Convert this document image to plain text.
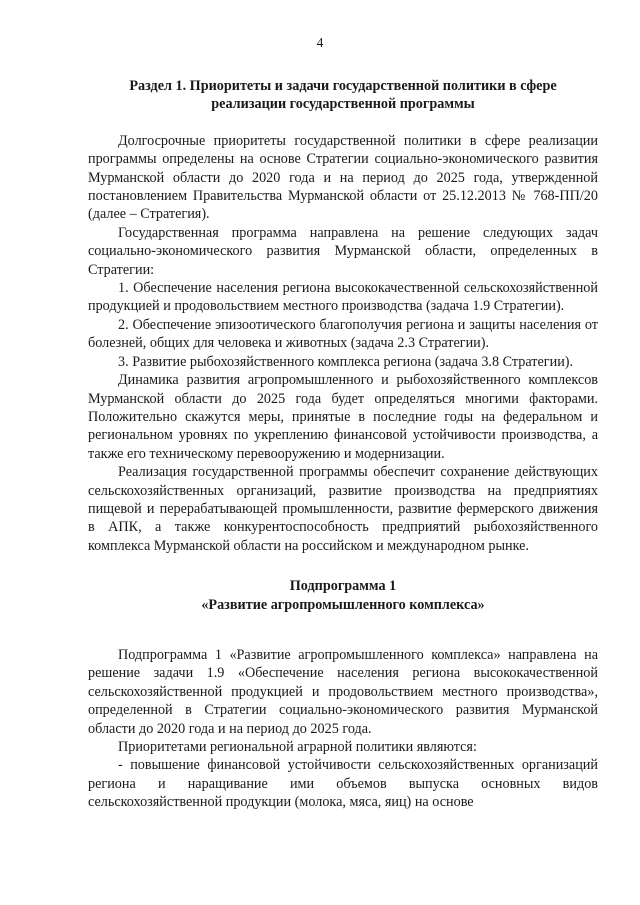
4
Раздел 1. Приоритеты и задачи государственной политики в сфере
реализации государственной программы

Долгосрочные приоритеты государственной политики в сфере реализации программы определены на основе Стратегии социально-экономического развития Мурманской области до 2020 года и на период до 2025 года, утвержденной постановлением Правительства Мурманской области от 25.12.2013 № 768-ПП/20 (далее – Стратегия).

Государственная программа направлена на решение следующих задач социально-экономического развития Мурманской области, определенных в Стратегии:

1. Обеспечение населения региона высококачественной сельскохозяйственной продукцией и продовольствием местного производства (задача 1.9 Стратегии).

2. Обеспечение эпизоотического благополучия региона и защиты населения от болезней, общих для человека и животных (задача 2.3 Стратегии).

3. Развитие рыбохозяйственного комплекса региона (задача 3.8 Стратегии).

Динамика развития агропромышленного и рыбохозяйственного комплексов Мурманской области до 2025 года будет определяться многими факторами. Положительно скажутся меры, принятые в последние годы на федеральном и региональном уровнях по укреплению финансовой устойчивости производства, а также его техническому перевооружению и модернизации.

Реализация государственной программы обеспечит сохранение действующих сельскохозяйственных организаций, развитие производства на предприятиях пищевой и перерабатывающей промышленности, развитие фермерского движения в АПК, а также конкурентоспособность предприятий рыбохозяйственного комплекса Мурманской области на российском и международном рынке.

Подпрограмма 1
«Развитие агропромышленного комплекса»

Подпрограмма 1 «Развитие агропромышленного комплекса» направлена на решение задачи 1.9 «Обеспечение населения региона высококачественной сельскохозяйственной продукцией и продовольствием местного производства», определенной в Стратегии социально-экономического развития Мурманской области до 2020 года и на период до 2025 года.

Приоритетами региональной аграрной политики являются:

- повышение финансовой устойчивости сельскохозяйственных организаций региона и наращивание ими объемов выпуска основных видов сельскохозяйственной продукции (молока, мяса, яиц) на основе
